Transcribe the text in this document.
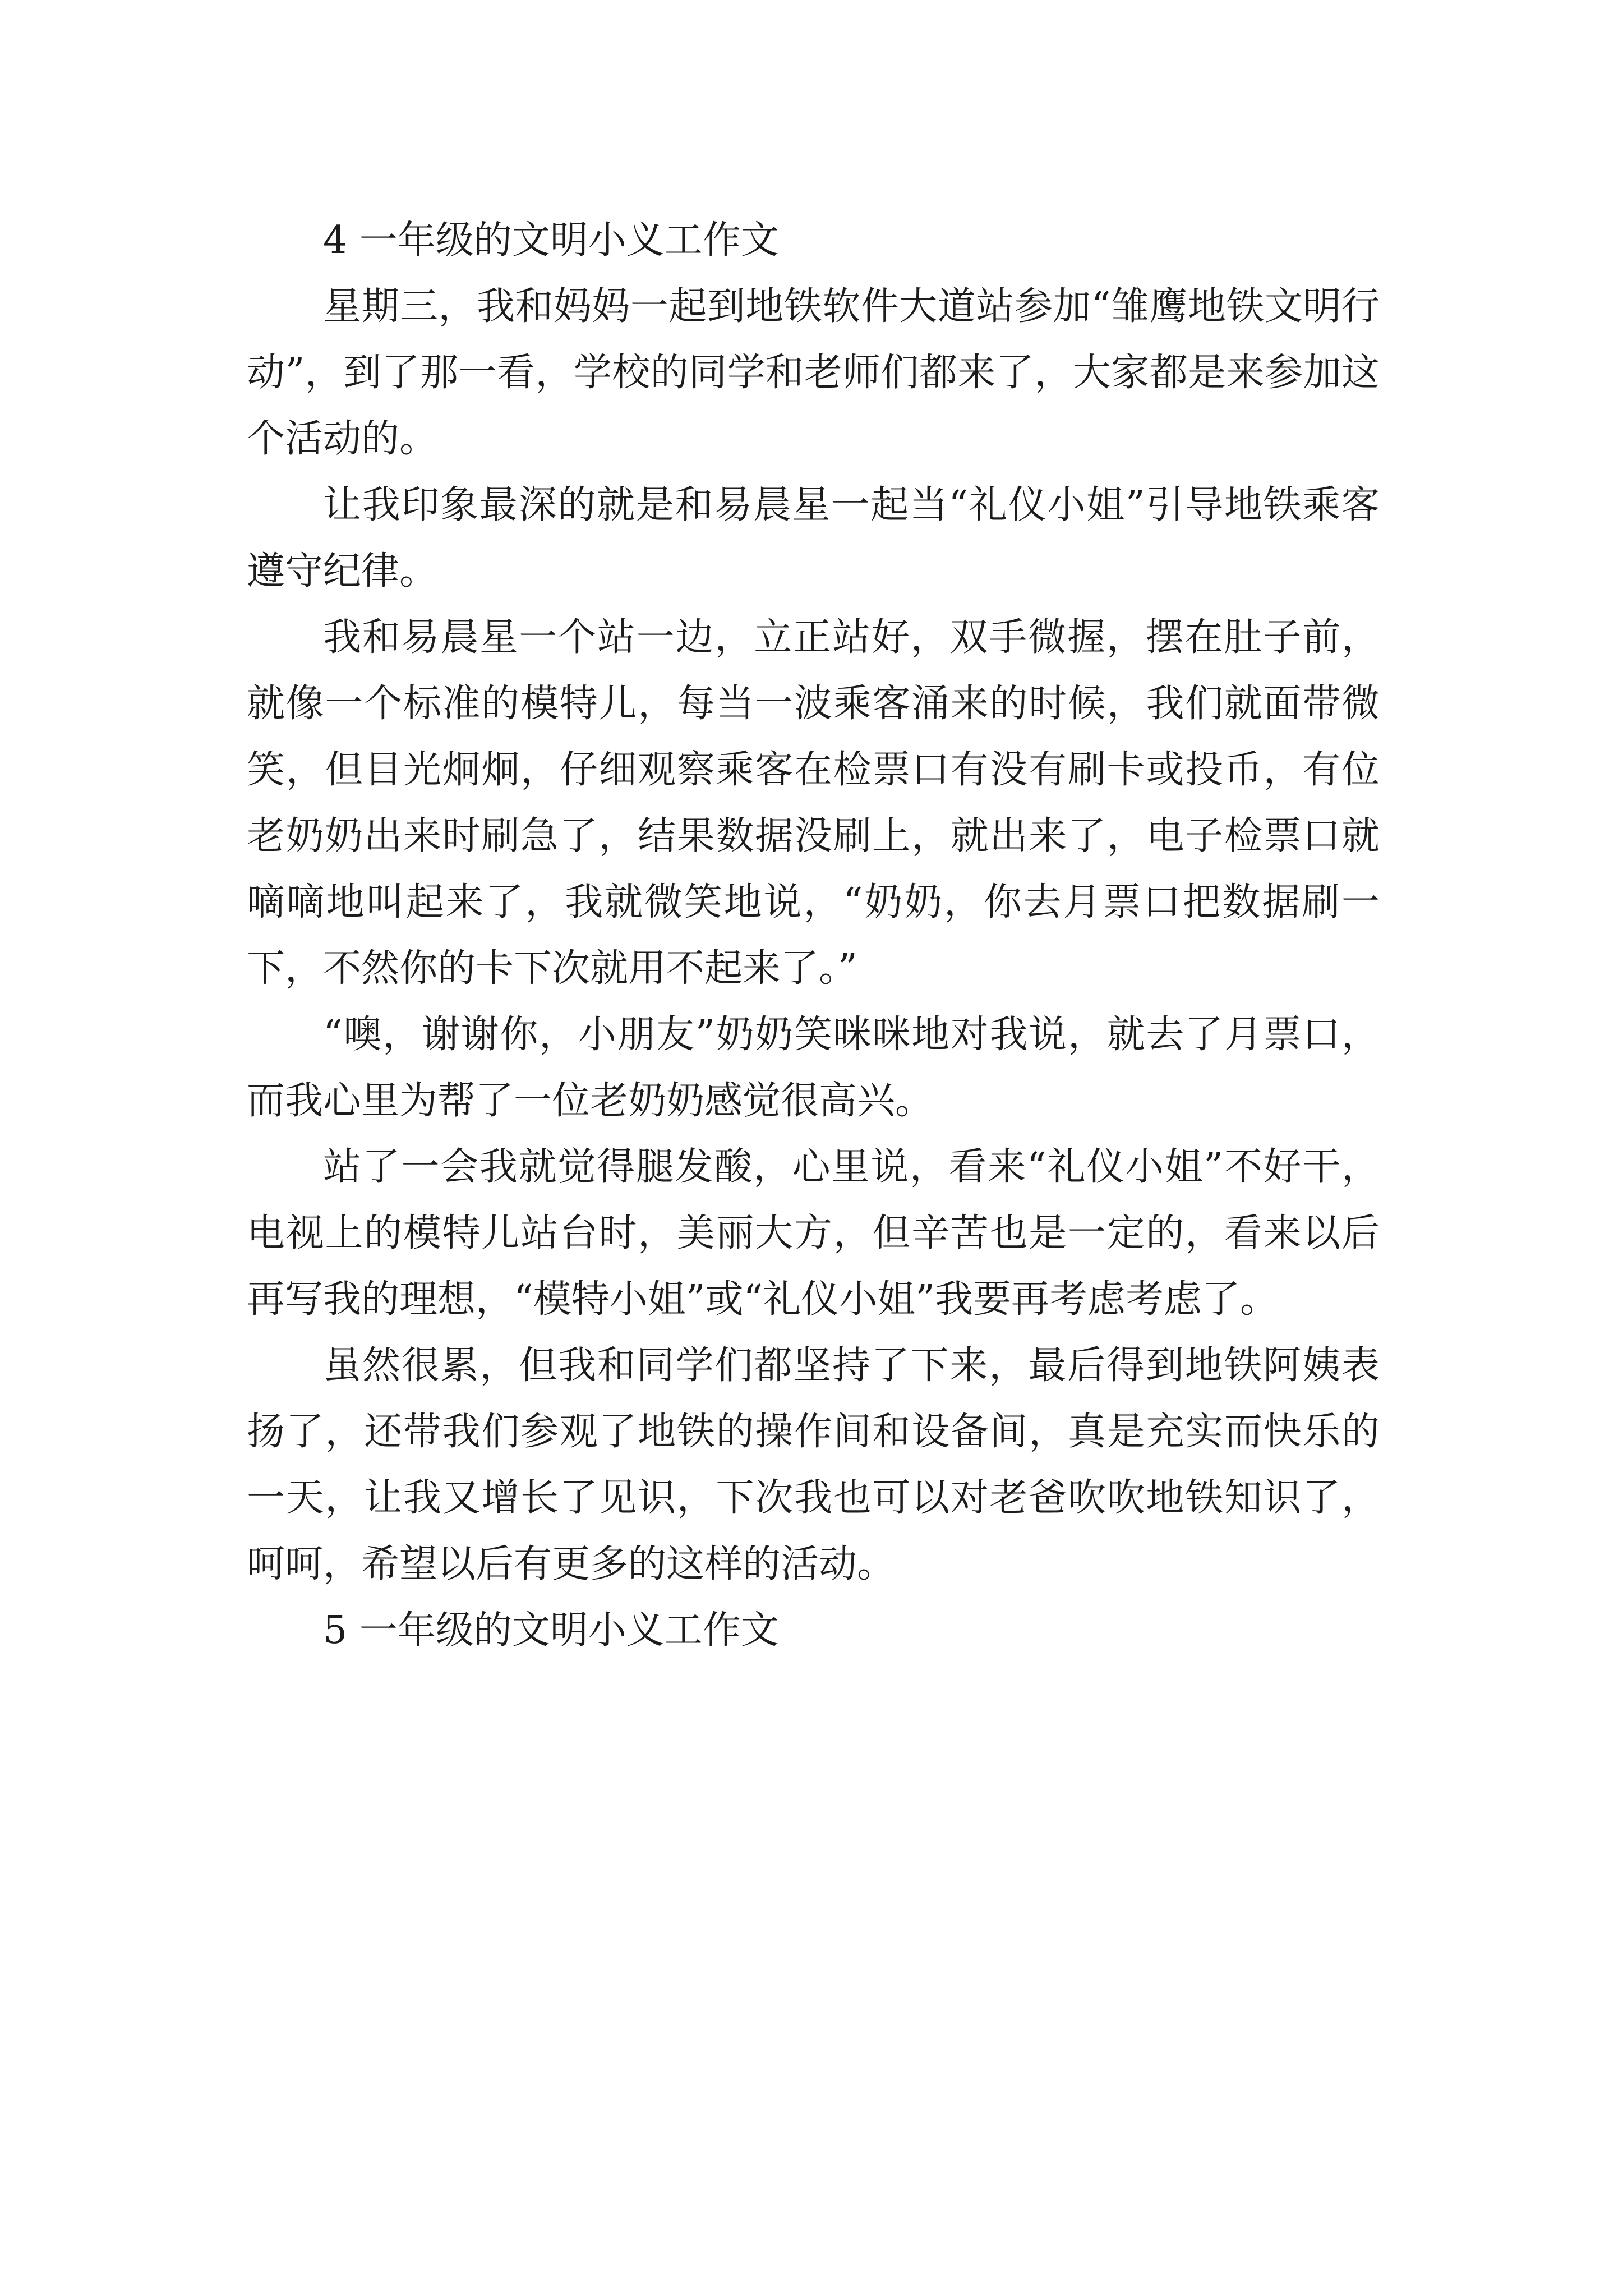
4 一年级的文明小义工作文

星期三，我和妈妈一起到地铁软件大道站参加“雏鹰地铁文明行动”，到了那一看，学校的同学和老师们都来了，大家都是来参加这个活动的。

让我印象最深的就是和易晨星一起当“礼仪小姐”引导地铁乘客遵守纪律。

我和易晨星一个站一边，立正站好，双手微握，摆在肚子前，就像一个标准的模特儿，每当一波乘客涌来的时候，我们就面带微笑，但目光炯炯，仔细观察乘客在检票口有没有刷卡或投币，有位老奶奶出来时刷急了，结果数据没刷上，就出来了，电子检票口就嘀嘀地叫起来了，我就微笑地说，“奶奶，你去月票口把数据刷一下，不然你的卡下次就用不起来了。”

“噢，谢谢你，小朋友”奶奶笑咪咪地对我说，就去了月票口，而我心里为帮了一位老奶奶感觉很高兴。

站了一会我就觉得腿发酸，心里说，看来“礼仪小姐”不好干，电视上的模特儿站台时，美丽大方，但辛苦也是一定的，看来以后再写我的理想，“模特小姐”或“礼仪小姐”我要再考虑考虑了。

虽然很累，但我和同学们都坚持了下来，最后得到地铁阿姨表扬了，还带我们参观了地铁的操作间和设备间，真是充实而快乐的一天，让我又增长了见识，下次我也可以对老爸吹吹地铁知识了，呵呵，希望以后有更多的这样的活动。

5 一年级的文明小义工作文
